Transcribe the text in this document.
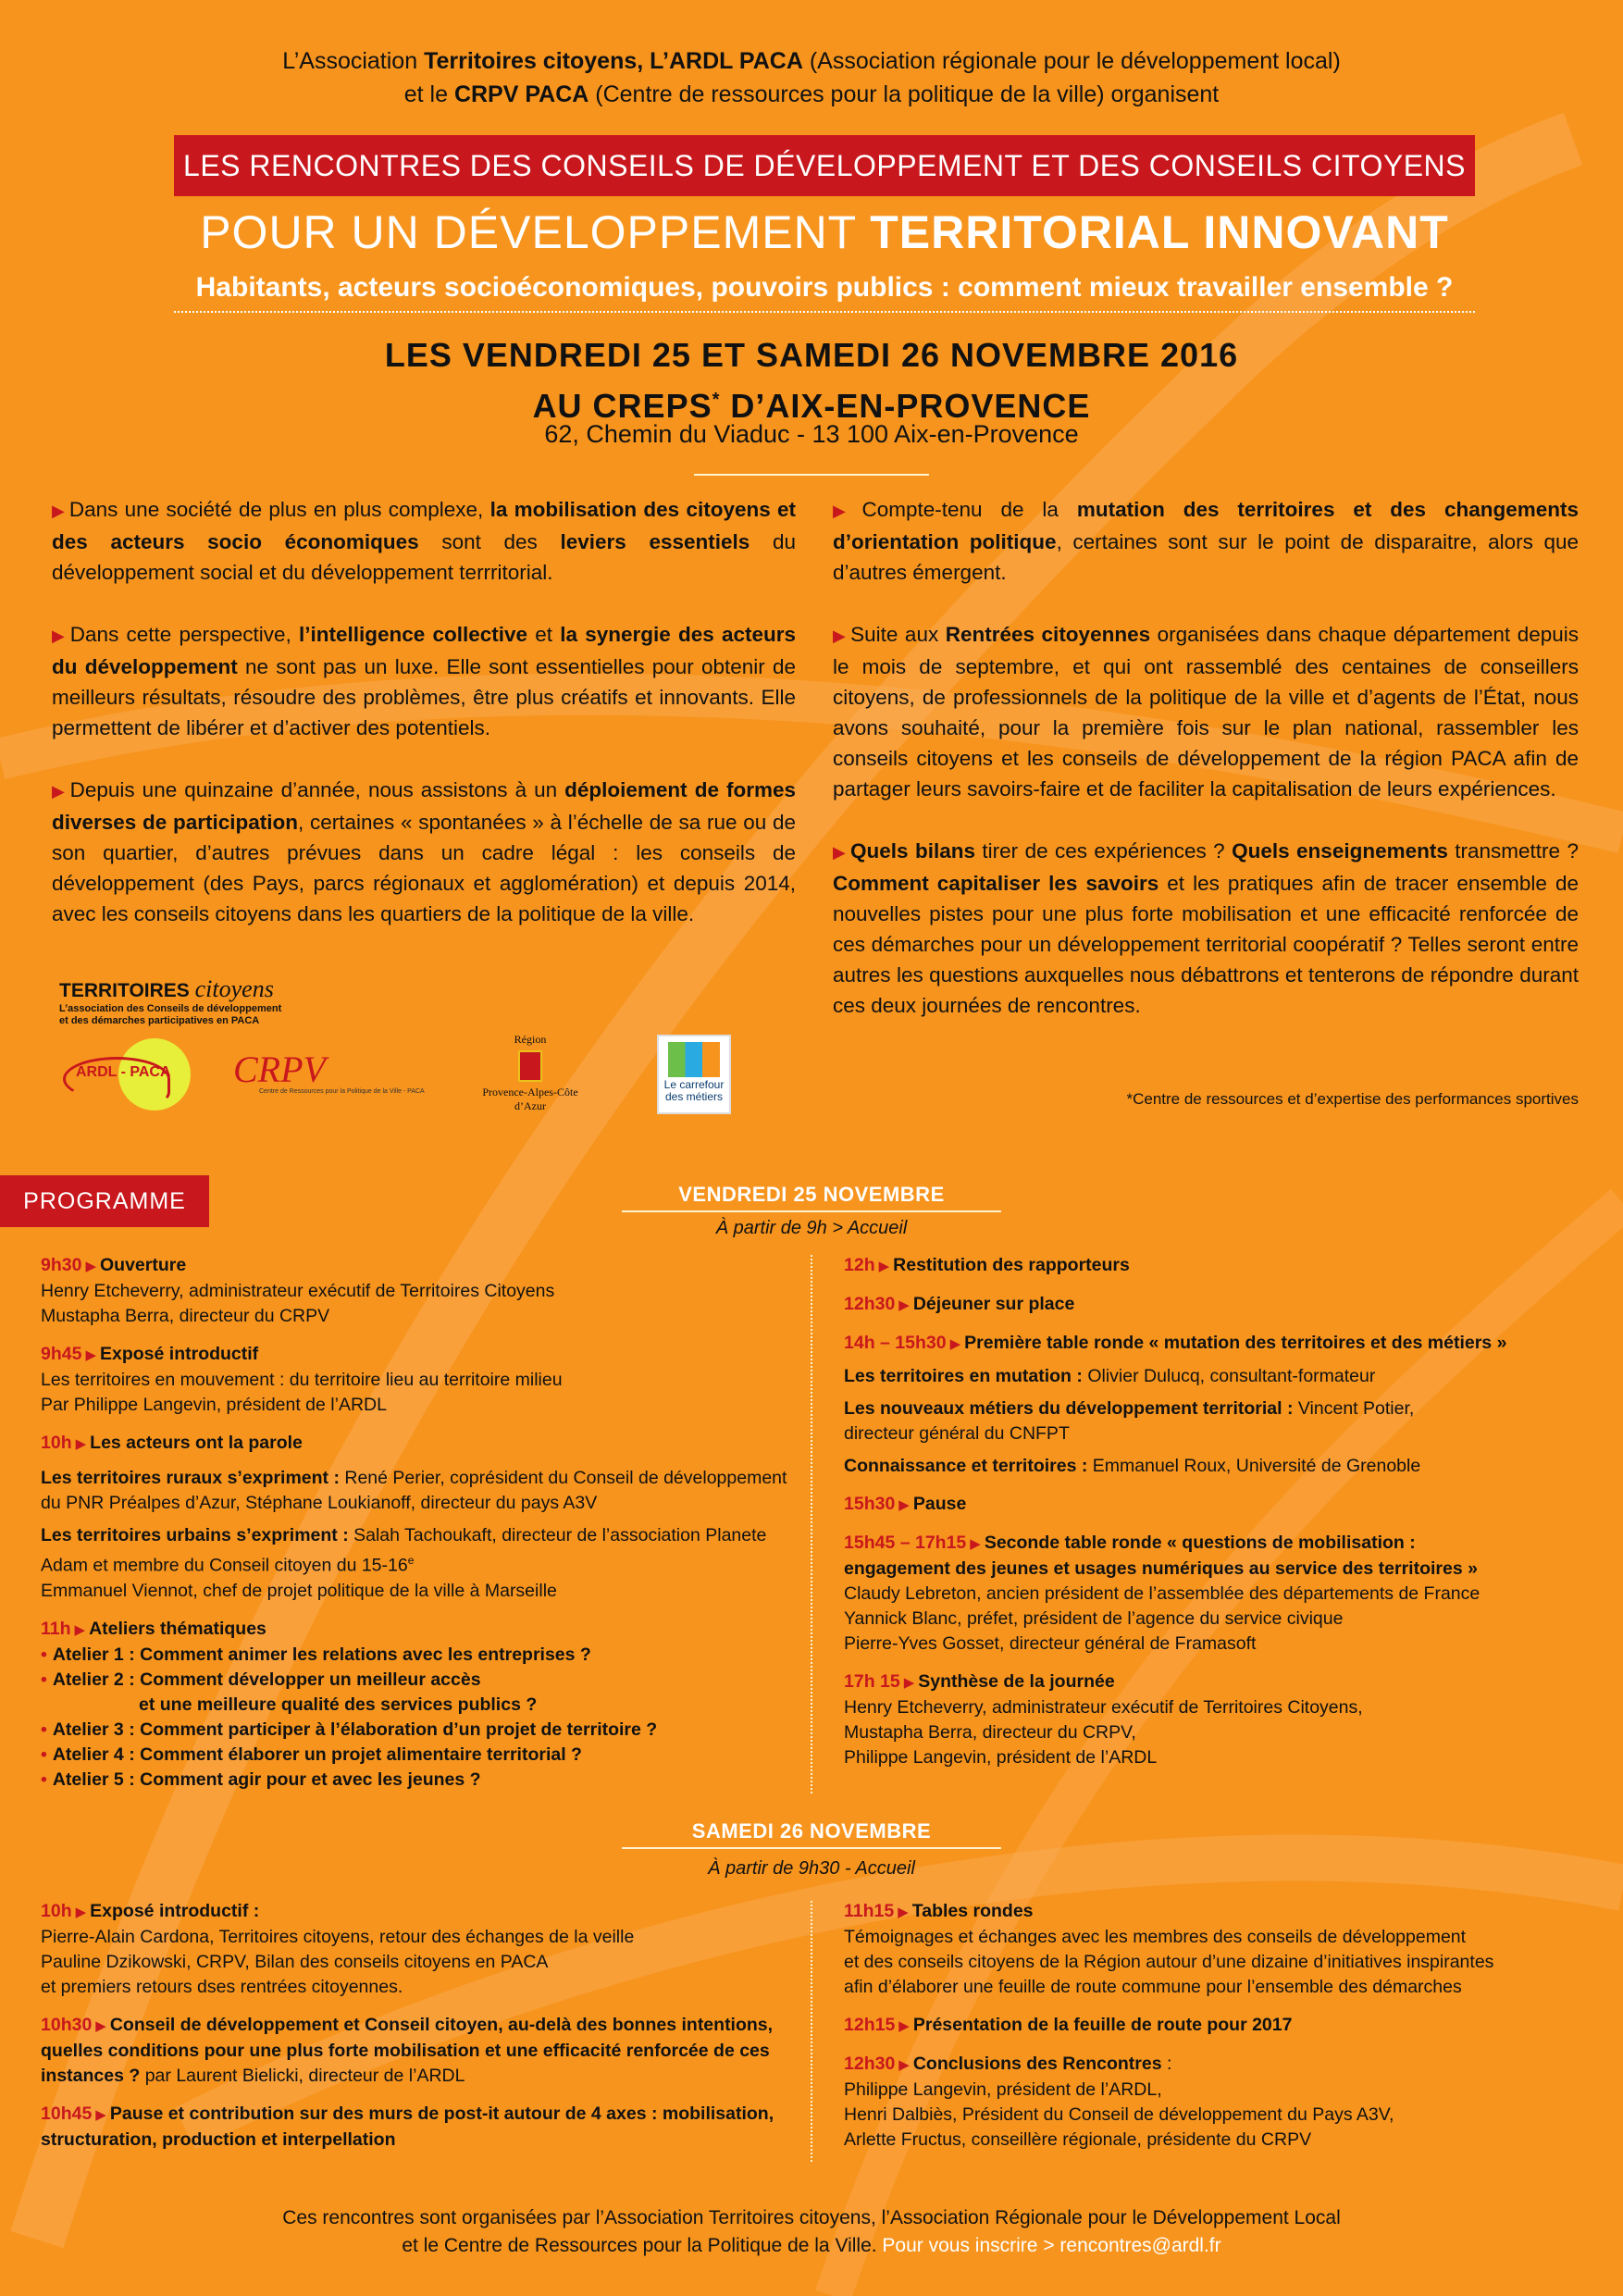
L’Association Territoires citoyens, L’ARDL PACA (Association régionale pour le développement local)
et le CRPV PACA (Centre de ressources pour la politique de la ville) organisent
LES RENCONTRES DES CONSEILS DE DÉVELOPPEMENT ET DES CONSEILS CITOYENS
POUR UN DÉVELOPPEMENT TERRITORIAL INNOVANT
Habitants, acteurs socioéconomiques, pouvoirs publics : comment mieux travailler ensemble ?
LES VENDREDI 25 ET SAMEDI 26 NOVEMBRE 2016
AU CREPS* D’AIX-EN-PROVENCE
62, Chemin du Viaduc - 13 100 Aix-en-Provence

▶ Dans une société de plus en plus complexe, la mobilisation des citoyens et des acteurs socio économiques sont des leviers essentiels du développement social et du développement terrritorial.

▶ Dans cette perspective, l’intelligence collective et la synergie des acteurs du développement ne sont pas un luxe. Elle sont essentielles pour obtenir de meilleurs résultats, résoudre des problèmes, être plus créatifs et innovants. Elle permettent de libérer et d’activer des potentiels.

▶ Depuis une quinzaine d’année, nous assistons à un déploiement de formes diverses de participation, certaines « spontanées » à l’échelle de sa rue ou de son quartier, d’autres prévues dans un cadre légal : les conseils de développement (des Pays, parcs régionaux et agglomération) et depuis 2014, avec les conseils citoyens dans les quartiers de la politique de la ville.

▶ Compte-tenu de la mutation des territoires et des changements d’orientation politique, certaines sont sur le point de disparaitre, alors que d’autres émergent.

▶ Suite aux Rentrées citoyennes organisées dans chaque département depuis le mois de septembre, et qui ont rassemblé des centaines de conseillers citoyens, de professionnels de la politique de la ville et d’agents de l’État, nous avons souhaité, pour la première fois sur le plan national, rassembler les conseils citoyens et les conseils de développement de la région PACA afin de partager leurs savoirs-faire et de faciliter la capitalisation de leurs expériences.

▶ Quels bilans tirer de ces expériences ? Quels enseignements transmettre ? Comment capitaliser les savoirs et les pratiques afin de tracer ensemble de nouvelles pistes pour une plus forte mobilisation et une efficacité renforcée de ces démarches pour un développement territorial coopératif ? Telles seront entre autres les questions auxquelles nous débattrons et tenterons de répondre durant ces deux journées de rencontres.

TERRITOIRES citoyens
L’association des Conseils de développement
et des démarches participatives en PACA
ARDL - PACA CRPV
Centre de Ressources pour la Politique de la Ville - PACA
Région
Provence-Alpes-Côte d’Azur
Le carrefour
des métiers	*Centre de ressources et d’expertise des performances sportives
PROGRAMME	VENDREDI 25 NOVEMBRE
À partir de 9h > Accueil
9h30 ▶ Ouverture
Henry Etcheverry, administrateur exécutif de Territoires Citoyens
Mustapha Berra, directeur du CRPV
9h45 ▶ Exposé introductif
Les territoires en mouvement : du territoire lieu au territoire milieu
Par Philippe Langevin, président de l’ARDL
10h ▶ Les acteurs ont la parole
Les territoires ruraux s’expriment : René Perier, coprésident du Conseil de développement du PNR Préalpes d’Azur, Stéphane Loukianoff, directeur du pays A3V
Les territoires urbains s’expriment : Salah Tachoukaft, directeur de l’association Planete Adam et membre du Conseil citoyen du 15-16e
Emmanuel Viennot, chef de projet politique de la ville à Marseille
11h ▶ Ateliers thématiques
• Atelier 1 : Comment animer les relations avec les entreprises ?
• Atelier 2 : Comment développer un meilleur accès
et une meilleure qualité des services publics ?
• Atelier 3 : Comment participer à l’élaboration d’un projet de territoire ?
• Atelier 4 : Comment élaborer un projet alimentaire territorial ?
• Atelier 5 : Comment agir pour et avec les jeunes ?
12h ▶ Restitution des rapporteurs
12h30 ▶ Déjeuner sur place
14h – 15h30 ▶ Première table ronde « mutation des territoires et des métiers »
Les territoires en mutation : Olivier Dulucq, consultant-formateur
Les nouveaux métiers du développement territorial : Vincent Potier,
directeur général du CNFPT
Connaissance et territoires : Emmanuel Roux, Université de Grenoble
15h30 ▶ Pause
15h45 – 17h15 ▶ Seconde table ronde « questions de mobilisation :
engagement des jeunes et usages numériques au service des territoires »
Claudy Lebreton, ancien président de l’assemblée des départements de France
Yannick Blanc, préfet, président de l’agence du service civique
Pierre-Yves Gosset, directeur général de Framasoft
17h 15 ▶ Synthèse de la journée
Henry Etcheverry, administrateur exécutif de Territoires Citoyens,
Mustapha Berra, directeur du CRPV,
Philippe Langevin, président de l’ARDL
SAMEDI 26 NOVEMBRE
À partir de 9h30 - Accueil
10h ▶ Exposé introductif :
Pierre-Alain Cardona, Territoires citoyens, retour des échanges de la veille
Pauline Dzikowski, CRPV, Bilan des conseils citoyens en PACA
et premiers retours dses rentrées citoyennes.
10h30 ▶ Conseil de développement et Conseil citoyen, au-delà des bonnes intentions, quelles conditions pour une plus forte mobilisation et une efficacité renforcée de ces instances ? par Laurent Bielicki, directeur de l’ARDL
10h45 ▶ Pause et contribution sur des murs de post-it autour de 4 axes : mobilisation, structuration, production et interpellation
11h15 ▶ Tables rondes
Témoignages et échanges avec les membres des conseils de développement
et des conseils citoyens de la Région autour d’une dizaine d’initiatives inspirantes
afin d’élaborer une feuille de route commune pour l’ensemble des démarches
12h15 ▶ Présentation de la feuille de route pour 2017
12h30 ▶ Conclusions des Rencontres :
Philippe Langevin, président de l’ARDL,
Henri Dalbiès, Président du Conseil de développement du Pays A3V,
Arlette Fructus, conseillère régionale, présidente du CRPV
Ces rencontres sont organisées par l’Association Territoires citoyens, l’Association Régionale pour le Développement Local
et le Centre de Ressources pour la Politique de la Ville. Pour vous inscrire > rencontres@ardl.fr
